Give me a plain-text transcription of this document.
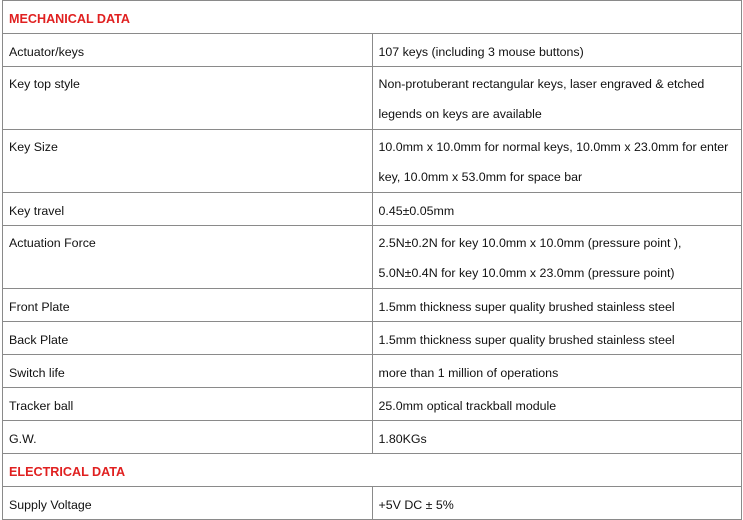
MECHANICAL DATA	
Actuator/keys	107 keys (including 3 mouse buttons)
Key top style	Non-protuberant rectangular keys, laser engraved & etched legends on keys are available
Key Size	10.0mm x 10.0mm for normal keys, 10.0mm x 23.0mm for enter key, 10.0mm x 53.0mm for space bar
Key travel	0.45±0.05mm
Actuation Force	2.5N±0.2N for key 10.0mm x 10.0mm (pressure point ), 5.0N±0.4N for key 10.0mm x 23.0mm (pressure point)
Front Plate	1.5mm thickness super quality brushed stainless steel
Back Plate	1.5mm thickness super quality brushed stainless steel
Switch life	more than 1 million of operations
Tracker ball	25.0mm optical trackball module
G.W.	1.80KGs
ELECTRICAL DATA	
Supply Voltage	+5V DC ± 5%
